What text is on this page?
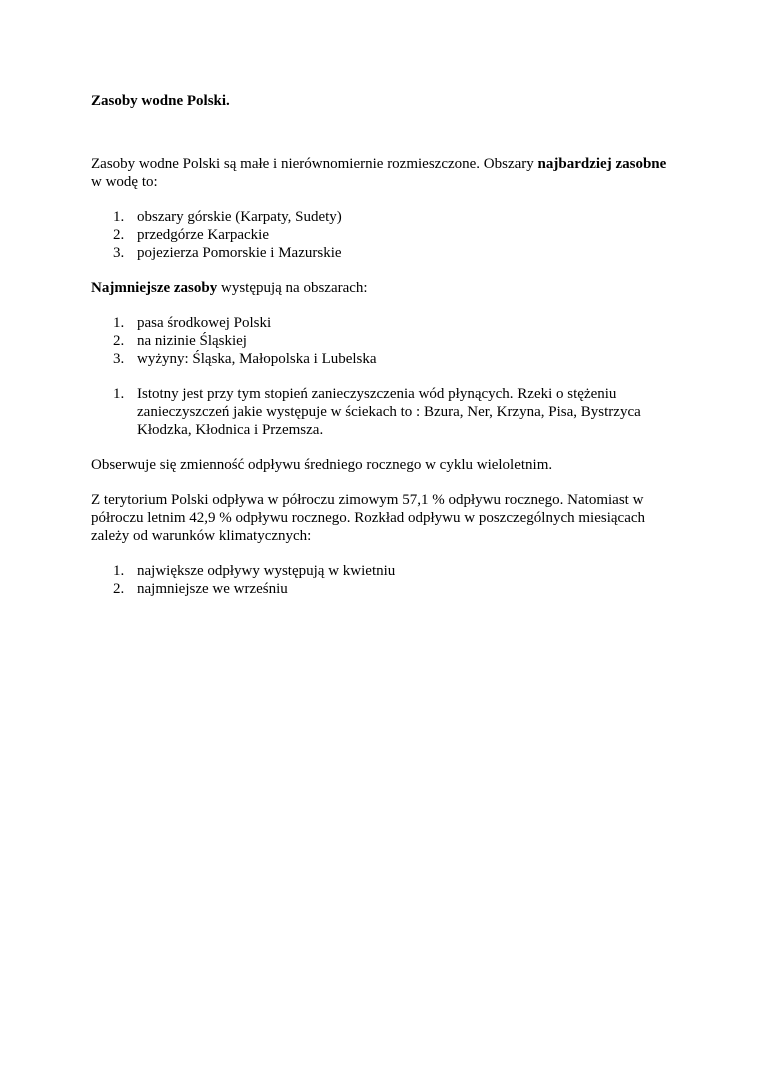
Zasoby wodne Polski.

Zasoby wodne Polski są małe i nierównomiernie rozmieszczone. Obszary najbardziej zasobne w wodę to:

1. obszary górskie (Karpaty, Sudety)
2. przedgórze Karpackie
3. pojezierza Pomorskie i Mazurskie

Najmniejsze zasoby występują na obszarach:

1. pasa środkowej Polski
2. na nizinie Śląskiej
3. wyżyny: Śląska, Małopolska i Lubelska
1. Istotny jest przy tym stopień zanieczyszczenia wód płynących. Rzeki o stężeniu zanieczyszczeń jakie występuje w ściekach to : Bzura, Ner, Krzyna, Pisa, Bystrzyca Kłodzka, Kłodnica i Przemsza.

Obserwuje się zmienność odpływu średniego rocznego w cyklu wieloletnim.

Z terytorium Polski odpływa w półroczu zimowym 57,1 % odpływu rocznego. Natomiast w półroczu letnim 42,9 % odpływu rocznego. Rozkład odpływu w poszczególnych miesiącach zależy od warunków klimatycznych:

1. największe odpływy występują w kwietniu
2. najmniejsze we wrześniu
